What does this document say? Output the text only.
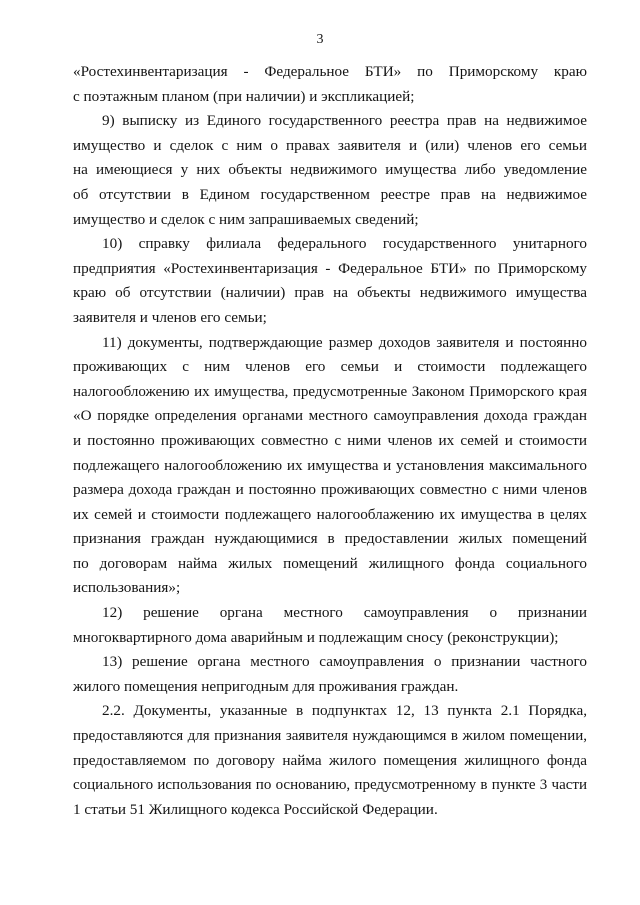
3
«Ростехинвентаризация - Федеральное БТИ» по Приморскому краю
с поэтажным планом (при наличии) и экспликацией;
9) выписку из Единого государственного реестра прав на недвижимое
имущество и сделок с ним о правах заявителя и (или) членов его семьи
на имеющиеся у них объекты недвижимого имущества либо уведомление
об отсутствии в Едином государственном реестре прав на недвижимое
имущество и сделок с ним запрашиваемых сведений;
10) справку филиала федерального государственного унитарного
предприятия «Ростехинвентаризация - Федеральное БТИ» по Приморскому
краю об отсутствии (наличии) прав на объекты недвижимого имущества
заявителя и членов его семьи;
11) документы, подтверждающие размер доходов заявителя и постоянно
проживающих с ним членов его семьи и стоимости подлежащего
налогообложению их имущества, предусмотренные Законом Приморского края
«О порядке определения органами местного самоуправления дохода граждан
и постоянно проживающих совместно с ними членов их семей и стоимости
подлежащего налогообложению их имущества и установления максимального
размера дохода граждан и постоянно проживающих совместно с ними членов
их семей и стоимости подлежащего налогооблажению их имущества в целях
признания граждан нуждающимися в предоставлении жилых помещений
по договорам найма жилых помещений жилищного фонда социального
использования»;
12) решение органа местного самоуправления о признании
многоквартирного дома аварийным и подлежащим сносу (реконструкции);
13) решение органа местного самоуправления о признании частного
жилого помещения непригодным для проживания граждан.
2.2. Документы, указанные в подпунктах 12, 13 пункта 2.1 Порядка,
предоставляются для признания заявителя нуждающимся в жилом помещении,
предоставляемом по договору найма жилого помещения жилищного фонда
социального использования по основанию, предусмотренному в пункте 3 части
1 статьи 51 Жилищного кодекса Российской Федерации.
